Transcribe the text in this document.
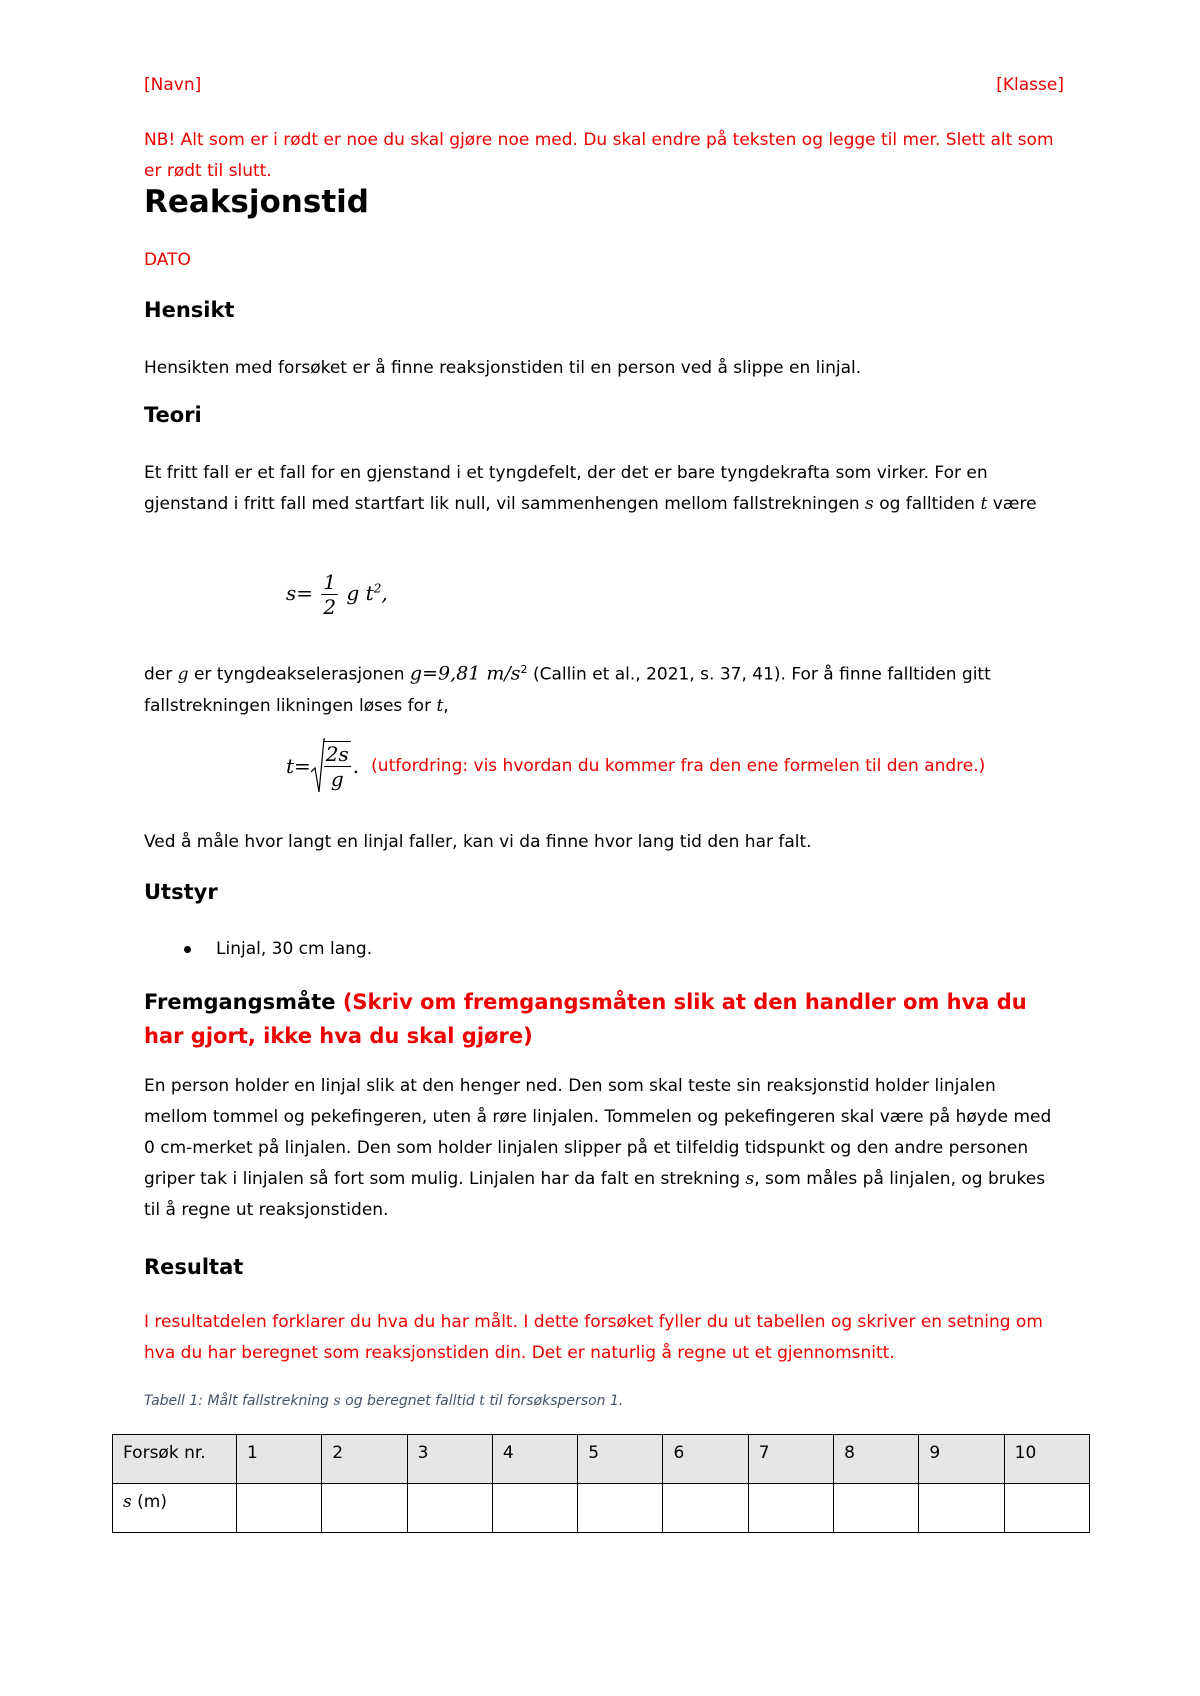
[Navn]	[Klasse]
NB! Alt som er i rødt er noe du skal gjøre noe med. Du skal endre på teksten og legge til mer. Slett alt som er rødt til slutt.
Reaksjonstid
DATO
Hensikt
Hensikten med forsøket er å finne reaksjonstiden til en person ved å slippe en linjal.
Teori
Et fritt fall er et fall for en gjenstand i et tyngdefelt, der det er bare tyngdekrafta som virker. For en gjenstand i fritt fall med startfart lik null, vil sammenhengen mellom fallstrekningen s og falltiden t være
$s= \frac{1}{2}$ g $t^2$,
der g er tyngdeakselerasjonen g=9,81 $m/s^2$ (Callin et al., 2021, s. 37, 41). For å finne falltiden gitt fallstrekningen likningen løses for t,
$t= \frac{2s}{g}$ . (utfordring: vis hvordan du kommer fra den ene formelen til den andre.)
Ved å måle hvor langt en linjal faller, kan vi da finne hvor lang tid den har falt.
Utstyr
Linjal, 30 cm lang.
Fremgangsmåte (Skriv om fremgangsmåten slik at den handler om hva du har gjort, ikke hva du skal gjøre)
En person holder en linjal slik at den henger ned. Den som skal teste sin reaksjonstid holder linjalen mellom tommel og pekefingeren, uten å røre linjalen. Tommelen og pekefingeren skal være på høyde med 0 cm-merket på linjalen. Den som holder linjalen slipper på et tilfeldig tidspunkt og den andre personen griper tak i linjalen så fort som mulig. Linjalen har da falt en strekning s, som måles på linjalen, og brukes til å regne ut reaksjonstiden.
Resultat
I resultatdelen forklarer du hva du har målt. I dette forsøket fyller du ut tabellen og skriver en setning om hva du har beregnet som reaksjonstiden din. Det er naturlig å regne ut et gjennomsnitt.
Tabell 1: Målt fallstrekning s og beregnet falltid t til forsøksperson 1.
Forsøk nr.	1	2	3	4	5	6	7	8	9	10
s (m)										
